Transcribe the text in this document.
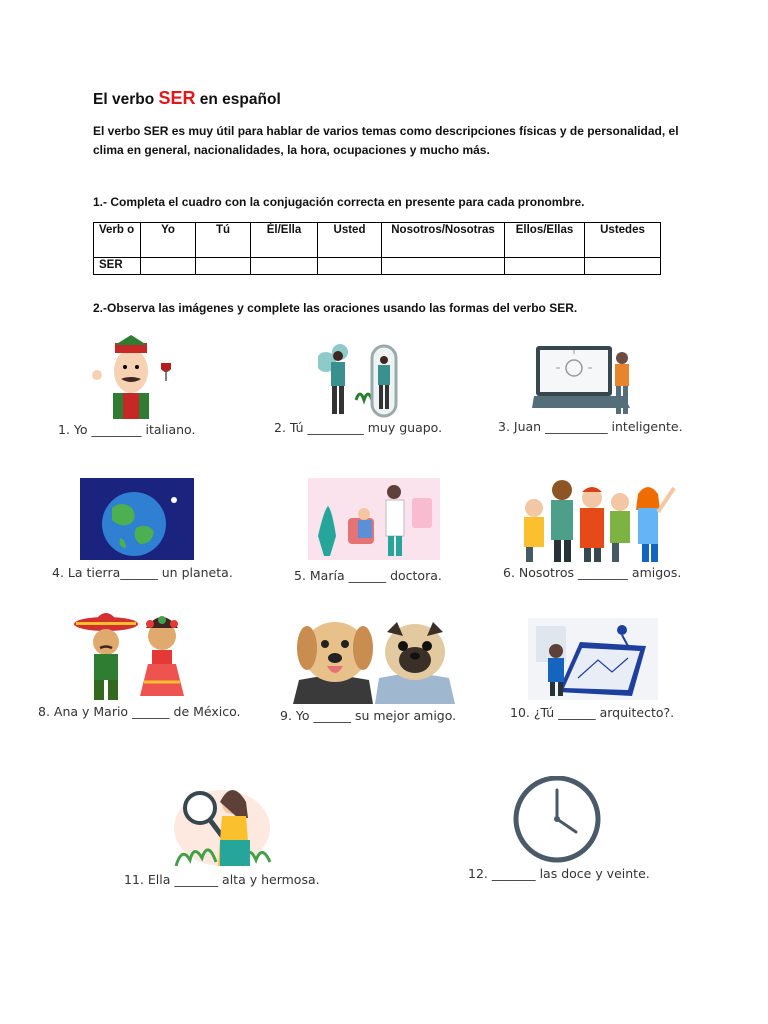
El verbo SER en español
El verbo SER es muy útil para hablar de varios temas como descripciones físicas y de personalidad, el clima en general, nacionalidades, la hora, ocupaciones y mucho más.
1.- Completa el cuadro con la conjugación correcta en presente para cada pronombre.
Verb o	Yo	Tú	Él/Ella	Usted	Nosotros/Nosotras	Ellos/Ellas	Ustedes
SER							
2.-Observa las imágenes y complete las oraciones usando las formas del verbo SER.
1. Yo ________ italiano.	2. Tú _________ muy guapo.	3. Juan __________ inteligente.
4. La tierra______ un planeta.	5. María ______ doctora.	6. Nosotros ________ amigos.
8. Ana y Mario ______ de México.	9. Yo ______ su mejor amigo.	10. ¿Tú ______ arquitecto?.
11. Ella _______ alta y hermosa.	12. _______ las doce y veinte.
